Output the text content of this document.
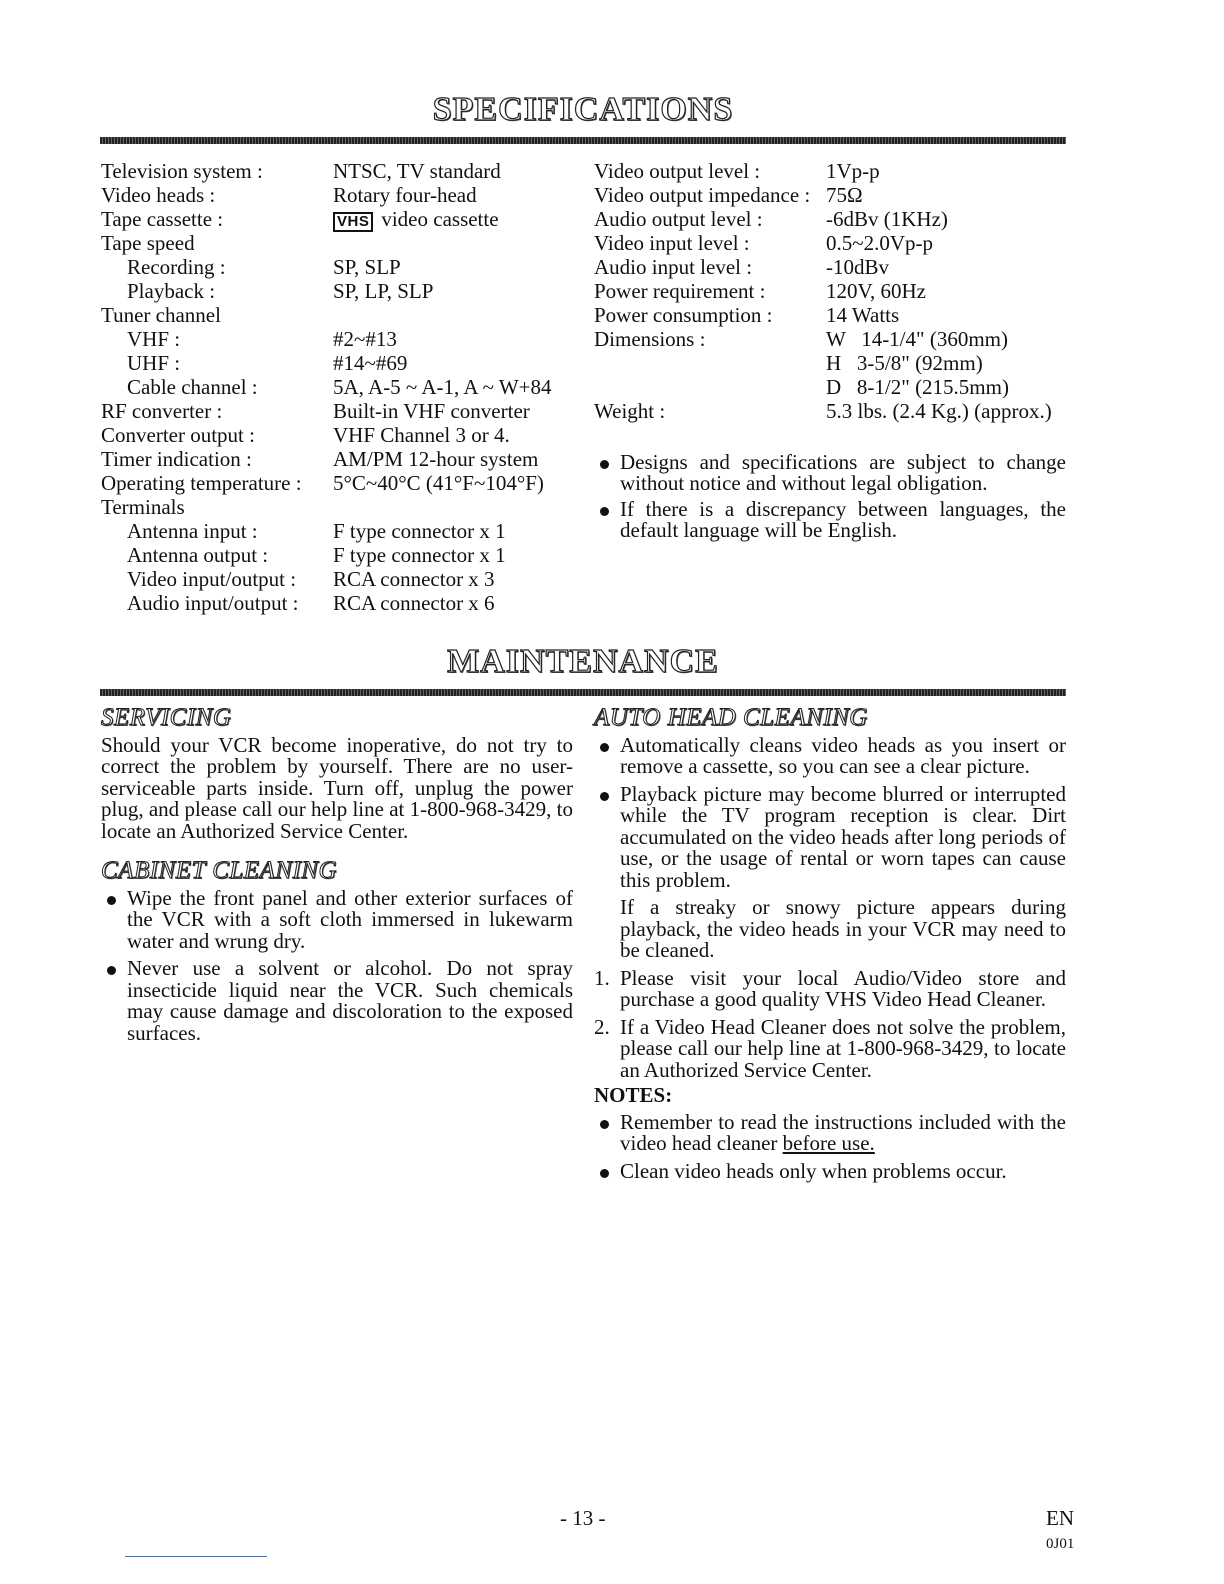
SPECIFICATIONS
Television system :	NTSC, TV standard
Video heads :	Rotary four-head
Tape cassette :	VHS video cassette
Tape speed
Recording :	SP, SLP
Playback :	SP, LP, SLP
Tuner channel
VHF :	#2~#13
UHF :	#14~#69
Cable channel :	5A, A-5 ~ A-1, A ~ W+84
RF converter :	Built-in VHF converter
Converter output :	VHF Channel 3 or 4.
Timer indication :	AM/PM 12-hour system
Operating temperature : 5°C~40°C (41°F~104°F)
Terminals
Antenna input :	F type connector x 1
Antenna output :	F type connector x 1
Video input/output : RCA connector x 3
Audio input/output : RCA connector x 6
Video output level :	1Vp-p
Video output impedance : 75Ω
Audio output level :	-6dBv (1KHz)
Video input level :	0.5~2.0Vp-p
Audio input level :	-10dBv
Power requirement :	120V, 60Hz
Power consumption :	14 Watts
Dimensions :	W   14-1/4" (360mm)
H   3-5/8" (92mm)
D   8-1/2" (215.5mm)
Weight :	5.3 lbs. (2.4 Kg.) (approx.)
Designs and specifications are subject to change without notice and without legal obligation.
If there is a discrepancy between languages, the default language will be English.
MAINTENANCE
SERVICING
Should your VCR become inoperative, do not try to correct the problem by yourself. There are no user-serviceable parts inside. Turn off, unplug the power plug, and please call our help line at 1-800-968-3429, to locate an Authorized Service Center.
CABINET CLEANING
Wipe the front panel and other exterior surfaces of the VCR with a soft cloth immersed in lukewarm water and wrung dry.
Never use a solvent or alcohol. Do not spray insecticide liquid near the VCR. Such chemicals may cause damage and discoloration to the exposed surfaces.
AUTO HEAD CLEANING
Automatically cleans video heads as you insert or remove a cassette, so you can see a clear picture.
Playback picture may become blurred or interrupted while the TV program reception is clear. Dirt accumulated on the video heads after long periods of use, or the usage of rental or worn tapes can cause this problem.
If a streaky or snowy picture appears during playback, the video heads in your VCR may need to be cleaned.
1. Please visit your local Audio/Video store and purchase a good quality VHS Video Head Cleaner.
2. If a Video Head Cleaner does not solve the problem, please call our help line at 1-800-968-3429, to locate an Authorized Service Center.
NOTES:
Remember to read the instructions included with the video head cleaner before use.
Clean video heads only when problems occur.
- 13 -	EN
0J01
